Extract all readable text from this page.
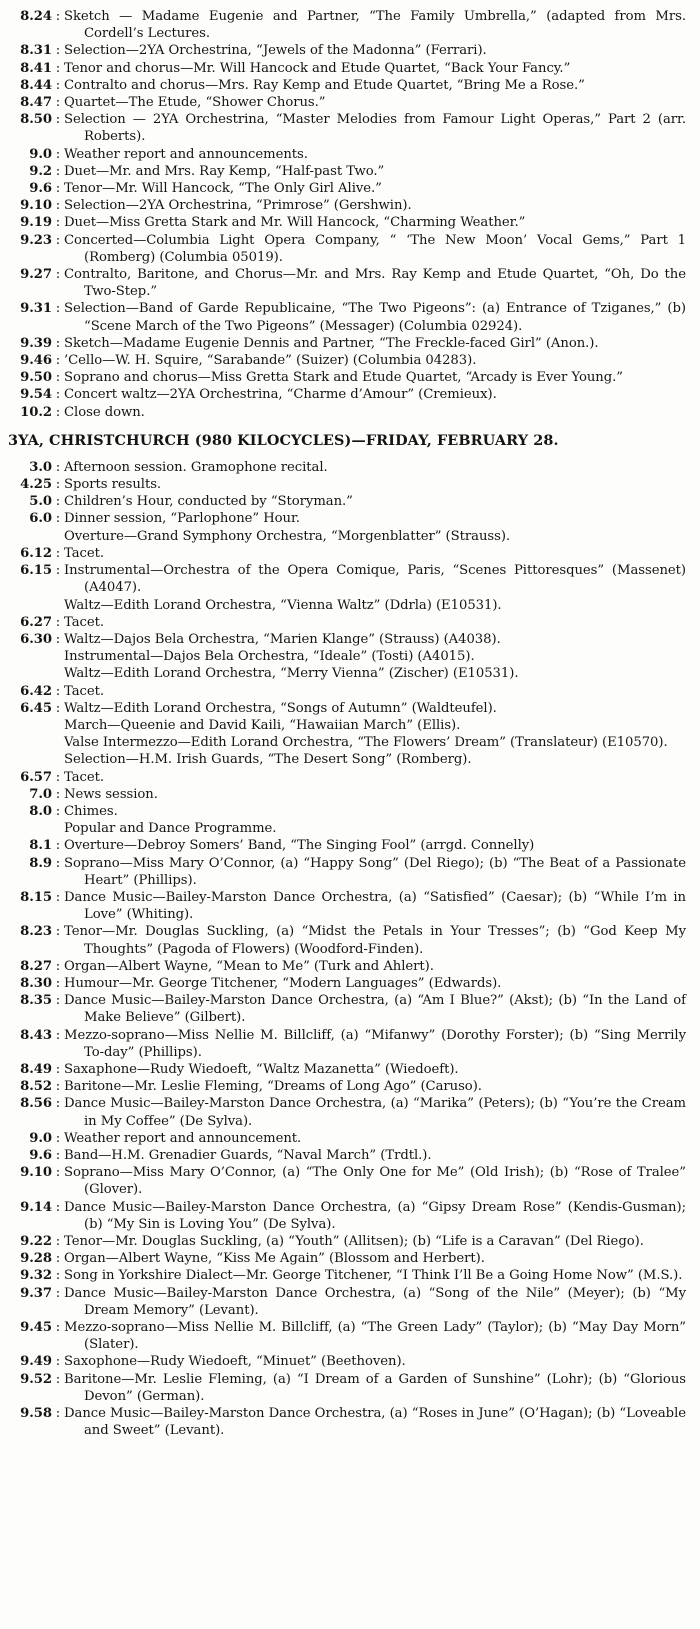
8.24 : Sketch — Madame Eugenie and Partner, “The Family Umbrella,” (adapted from Mrs. Cordell’s Lectures.
8.31 : Selection—2YA Orchestrina, “Jewels of the Madonna” (Ferrari).
8.41 : Tenor and chorus—Mr. Will Hancock and Etude Quartet, “Back Your Fancy.”
8.44 : Contralto and chorus—Mrs. Ray Kemp and Etude Quartet, “Bring Me a Rose.”
8.47 : Quartet—The Etude, “Shower Chorus.”
8.50 : Selection — 2YA Orchestrina, “Master Melodies from Famour Light Operas,” Part 2 (arr. Roberts).
9.0 : Weather report and announcements.
9.2 : Duet—Mr. and Mrs. Ray Kemp, “Half-past Two.”
9.6 : Tenor—Mr. Will Hancock, “The Only Girl Alive.”
9.10 : Selection—2YA Orchestrina, “Primrose” (Gershwin).
9.19 : Duet—Miss Gretta Stark and Mr. Will Hancock, “Charming Weather.”
9.23 : Concerted—Columbia Light Opera Company, “ ‘The New Moon’ Vocal Gems,” Part 1 (Romberg) (Columbia 05019).
9.27 : Contralto, Baritone, and Chorus—Mr. and Mrs. Ray Kemp and Etude Quartet, “Oh, Do the Two-Step.”
9.31 : Selection—Band of Garde Republicaine, “The Two Pigeons”: (a) Entrance of Tziganes,” (b) “Scene March of the Two Pigeons” (Messager) (Columbia 02924).
9.39 : Sketch—Madame Eugenie Dennis and Partner, “The Freckle-faced Girl” (Anon.).
9.46 : ’Cello—W. H. Squire, “Sarabande” (Suizer) (Columbia 04283).
9.50 : Soprano and chorus—Miss Gretta Stark and Etude Quartet, “Arcady is Ever Young.”
9.54 : Concert waltz—2YA Orchestrina, “Charme d’Amour” (Cremieux).
10.2 : Close down.
3YA, CHRISTCHURCH (980 KILOCYCLES)—FRIDAY, FEBRUARY 28.
3.0 : Afternoon session. Gramophone recital.
4.25 : Sports results.
5.0 : Children’s Hour, conducted by “Storyman.”
6.0 : Dinner session, “Parlophone” Hour.
Overture—Grand Symphony Orchestra, “Morgenblatter” (Strauss).
6.12 : Tacet.
6.15 : Instrumental—Orchestra of the Opera Comique, Paris, “Scenes Pittoresques” (Massenet) (A4047).
Waltz—Edith Lorand Orchestra, “Vienna Waltz” (Ddrla) (E10531).
6.27 : Tacet.
6.30 : Waltz—Dajos Bela Orchestra, “Marien Klange” (Strauss) (A4038).
Instrumental—Dajos Bela Orchestra, “Ideale” (Tosti) (A4015).
Waltz—Edith Lorand Orchestra, “Merry Vienna” (Zischer) (E10531).
6.42 : Tacet.
6.45 : Waltz—Edith Lorand Orchestra, “Songs of Autumn” (Waldteufel).
March—Queenie and David Kaili, “Hawaiian March” (Ellis).
Valse Intermezzo—Edith Lorand Orchestra, “The Flowers’ Dream” (Translateur) (E10570).
Selection—H.M. Irish Guards, “The Desert Song” (Romberg).
6.57 : Tacet.
7.0 : News session.
8.0 : Chimes.
Popular and Dance Programme.
8.1 : Overture—Debroy Somers’ Band, “The Singing Fool” (arrgd. Connelly)
8.9 : Soprano—Miss Mary O’Connor, (a) “Happy Song” (Del Riego); (b) “The Beat of a Passionate Heart” (Phillips).
8.15 : Dance Music—Bailey-Marston Dance Orchestra, (a) “Satisfied” (Caesar); (b) “While I’m in Love” (Whiting).
8.23 : Tenor—Mr. Douglas Suckling, (a) “Midst the Petals in Your Tresses”; (b) “God Keep My Thoughts” (Pagoda of Flowers) (Woodford-Finden).
8.27 : Organ—Albert Wayne, “Mean to Me” (Turk and Ahlert).
8.30 : Humour—Mr. George Titchener, “Modern Languages” (Edwards).
8.35 : Dance Music—Bailey-Marston Dance Orchestra, (a) “Am I Blue?” (Akst); (b) “In the Land of Make Believe” (Gilbert).
8.43 : Mezzo-soprano—Miss Nellie M. Billcliff, (a) “Mifanwy” (Dorothy Forster); (b) “Sing Merrily To-day” (Phillips).
8.49 : Saxaphone—Rudy Wiedoeft, “Waltz Mazanetta” (Wiedoeft).
8.52 : Baritone—Mr. Leslie Fleming, “Dreams of Long Ago” (Caruso).
8.56 : Dance Music—Bailey-Marston Dance Orchestra, (a) “Marika” (Peters); (b) “You’re the Cream in My Coffee” (De Sylva).
9.0 : Weather report and announcement.
9.6 : Band—H.M. Grenadier Guards, “Naval March” (Trdtl.).
9.10 : Soprano—Miss Mary O’Connor, (a) “The Only One for Me” (Old Irish); (b) “Rose of Tralee” (Glover).
9.14 : Dance Music—Bailey-Marston Dance Orchestra, (a) “Gipsy Dream Rose” (Kendis-Gusman); (b) “My Sin is Loving You” (De Sylva).
9.22 : Tenor—Mr. Douglas Suckling, (a) “Youth” (Allitsen); (b) “Life is a Caravan” (Del Riego).
9.28 : Organ—Albert Wayne, “Kiss Me Again” (Blossom and Herbert).
9.32 : Song in Yorkshire Dialect—Mr. George Titchener, “I Think I’ll Be a Going Home Now” (M.S.).
9.37 : Dance Music—Bailey-Marston Dance Orchestra, (a) “Song of the Nile” (Meyer); (b) “My Dream Memory” (Levant).
9.45 : Mezzo-soprano—Miss Nellie M. Billcliff, (a) “The Green Lady” (Taylor); (b) “May Day Morn” (Slater).
9.49 : Saxophone—Rudy Wiedoeft, “Minuet” (Beethoven).
9.52 : Baritone—Mr. Leslie Fleming, (a) “I Dream of a Garden of Sunshine” (Lohr); (b) “Glorious Devon” (German).
9.58 : Dance Music—Bailey-Marston Dance Orchestra, (a) “Roses in June” (O’Hagan); (b) “Loveable and Sweet” (Levant).
